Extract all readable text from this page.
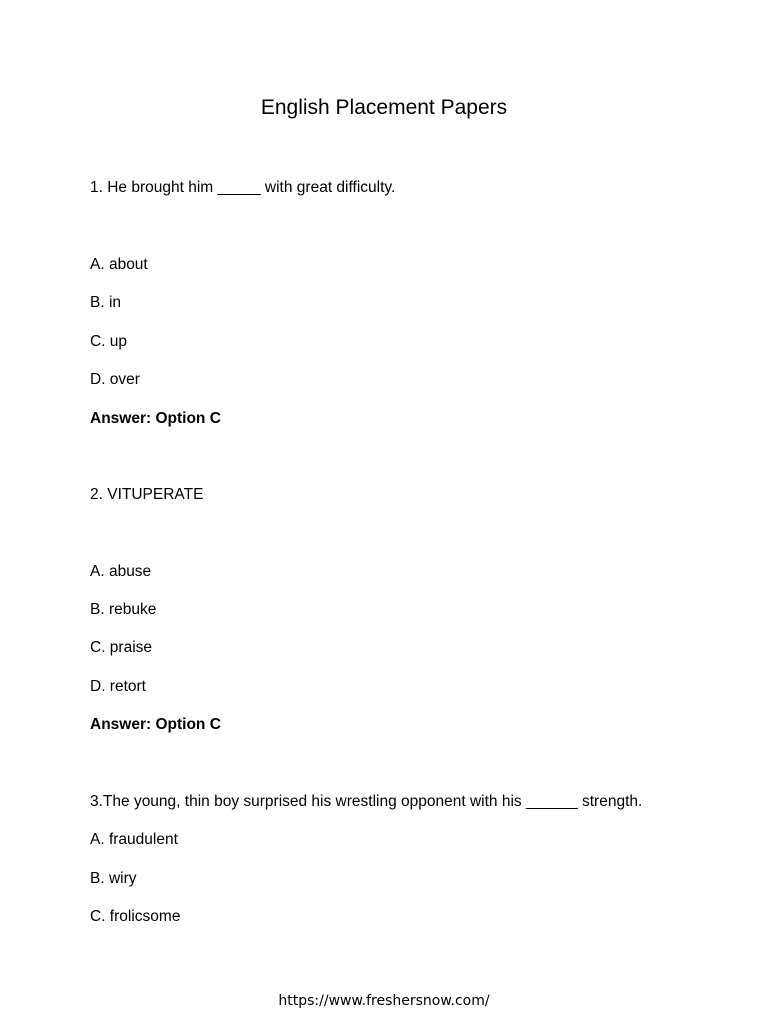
English Placement Papers
1. He brought him _____ with great difficulty.
A. about
B. in
C. up
D. over
Answer: Option C
2. VITUPERATE
A. abuse
B. rebuke
C. praise
D. retort
Answer: Option C
3.The young, thin boy surprised his wrestling opponent with his ______ strength.
A. fraudulent
B. wiry
C. frolicsome
https://www.freshersnow.com/
